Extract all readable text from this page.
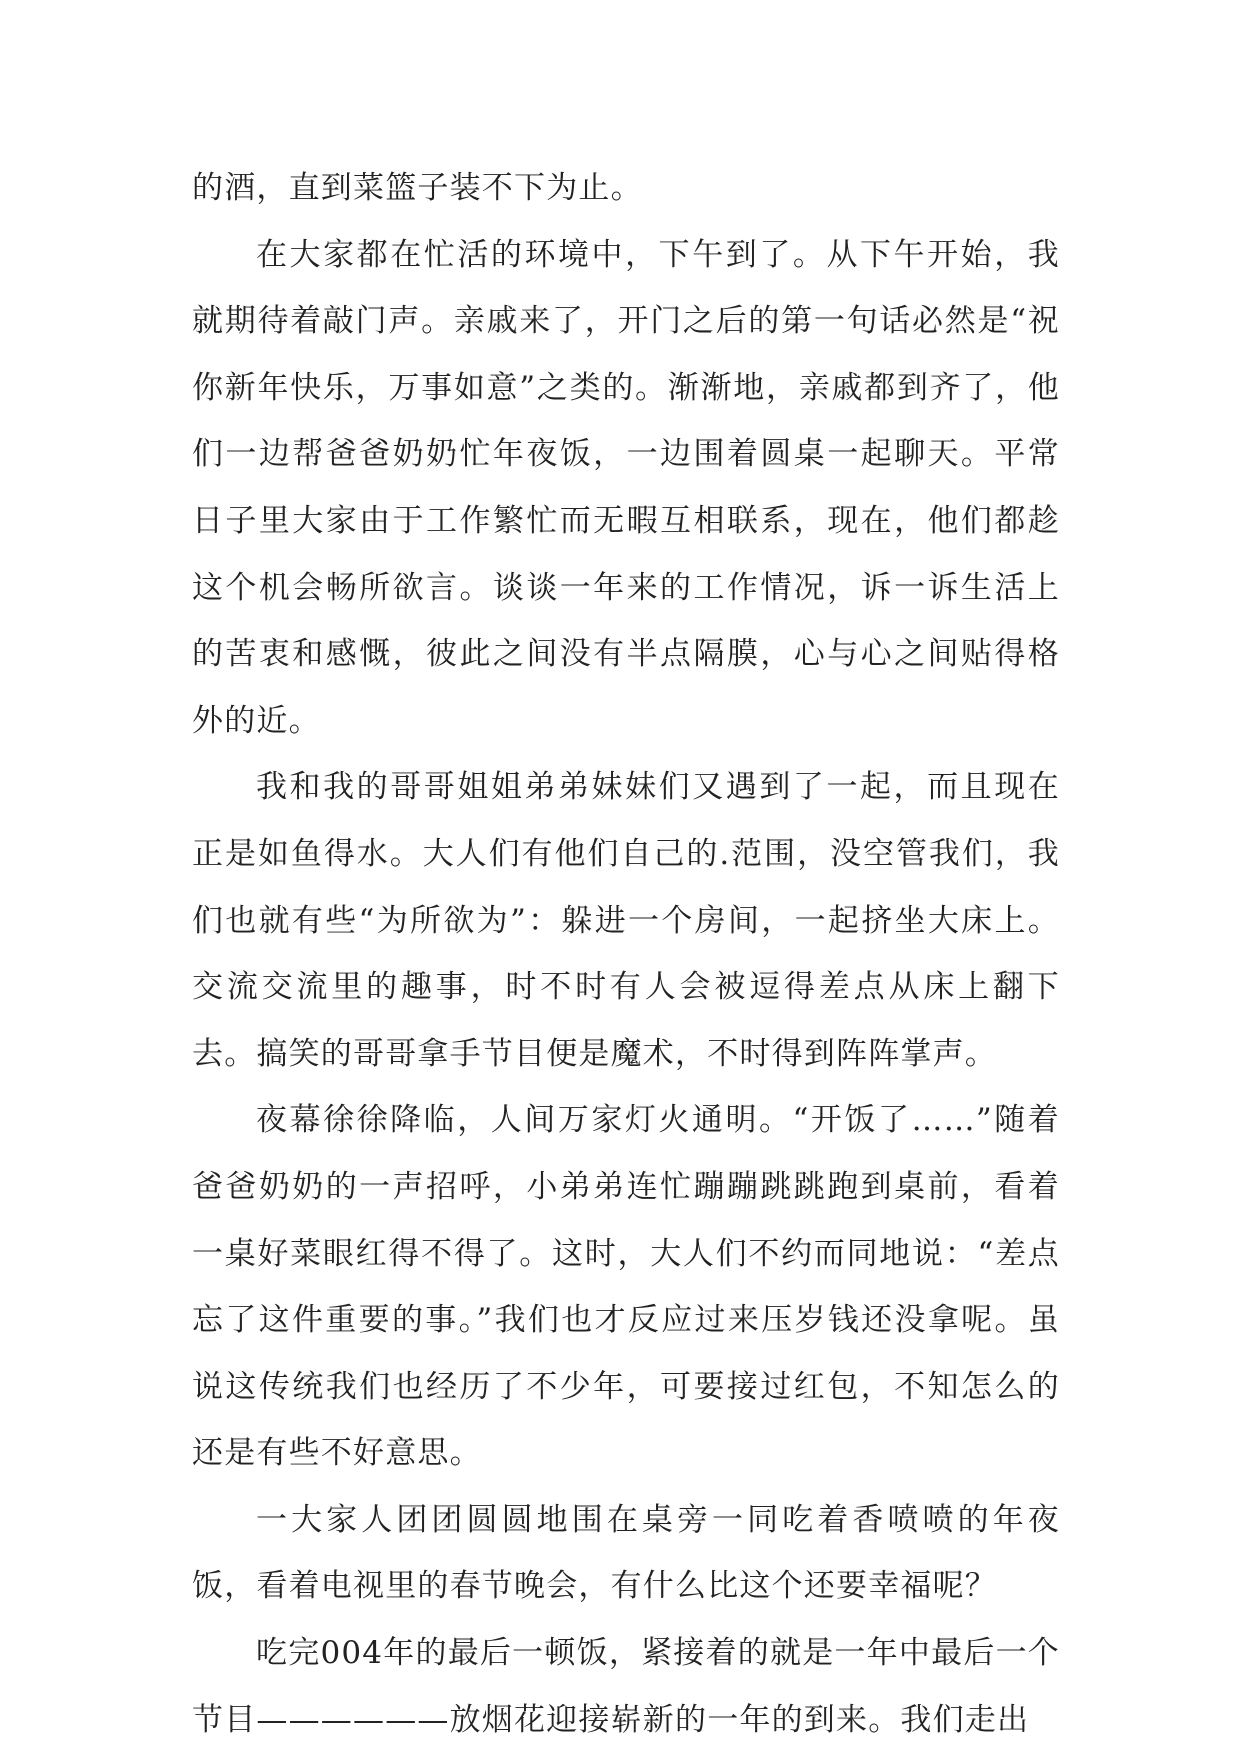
的酒，直到菜篮子装不下为止。

在大家都在忙活的环境中，下午到了。从下午开始，我就期待着敲门声。亲戚来了，开门之后的第一句话必然是“祝你新年快乐，万事如意”之类的。渐渐地，亲戚都到齐了，他们一边帮爸爸奶奶忙年夜饭，一边围着圆桌一起聊天。平常日子里大家由于工作繁忙而无暇互相联系，现在，他们都趁这个机会畅所欲言。谈谈一年来的工作情况，诉一诉生活上的苦衷和感慨，彼此之间没有半点隔膜，心与心之间贴得格外的近。

我和我的哥哥姐姐弟弟妹妹们又遇到了一起，而且现在正是如鱼得水。大人们有他们自己的.范围，没空管我们，我们也就有些“为所欲为”：躲进一个房间，一起挤坐大床上。交流交流里的趣事，时不时有人会被逗得差点从床上翻下去。搞笑的哥哥拿手节目便是魔术，不时得到阵阵掌声。

夜幕徐徐降临，人间万家灯火通明。“开饭了……”随着爸爸奶奶的一声招呼，小弟弟连忙蹦蹦跳跳跑到桌前，看着一桌好菜眼红得不得了。这时，大人们不约而同地说：“差点忘了这件重要的事。”我们也才反应过来压岁钱还没拿呢。虽说这传统我们也经历了不少年，可要接过红包，不知怎么的还是有些不好意思。

一大家人团团圆圆地围在桌旁一同吃着香喷喷的年夜饭，看着电视里的春节晚会，有什么比这个还要幸福呢？

吃完004年的最后一顿饭，紧接着的就是一年中最后一个节目——————放烟花迎接崭新的一年的到来。我们走出
